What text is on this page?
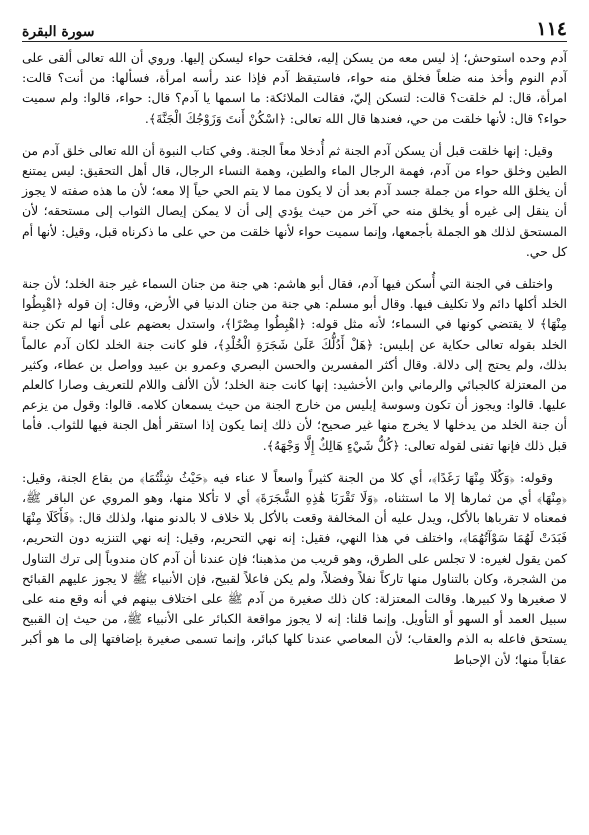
١١٤
سورة البقرة

آدم وحده استوحش؛ إذ ليس معه من يسكن إليه، فخلقت حواء ليسكن إليها. وروي أن الله تعالى ألقى على آدم النوم وأخذ منه ضلعاً فخلق منه حواء، فاستيقظ آدم فإذا عند رأسه امرأة، فسألها: من أنت؟ قالت: امرأة، قال: لم خلقت؟ قالت: لتسكن إليّ، فقالت الملائكة: ما اسمها يا آدم؟ قال: حواء، قالوا: ولم سميت حواء؟ قال: لأنها خلقت من حي، فعندها قال الله تعالى: ﴿اسْكُنْ أَنتَ وَزَوْجُكَ الْجَنَّةَ﴾.

وقيل: إنها خلقت قبل أن يسكن آدم الجنة ثم أُدخلا معاً الجنة. وفي كتاب النبوة أن الله تعالى خلق آدم من الطين وخلق حواء من آدم، فهمة الرجال الماء والطين، وهمة النساء الرجال، قال أهل التحقيق: ليس يمتنع أن يخلق الله حواء من جملة جسد آدم بعد أن لا يكون مما لا يتم الحي حياً إلا معه؛ لأن ما هذه صفته لا يجوز أن ينقل إلى غيره أو يخلق منه حي آخر من حيث يؤدي إلى أن لا يمكن إيصال الثواب إلى مستحقه؛ لأن المستحق لذلك هو الجملة بأجمعها، وإنما سميت حواء لأنها خلقت من حي على ما ذكرناه قبل، وقيل: لأنها أم كل حي.

واختلف في الجنة التي أُسكن فيها آدم، فقال أبو هاشم: هي جنة من جنان السماء غير جنة الخلد؛ لأن جنة الخلد أكلها دائم ولا تكليف فيها. وقال أبو مسلم: هي جنة من جنان الدنيا في الأرض، وقال: إن قوله ﴿اهْبِطُوا مِنْهَا﴾ لا يقتضي كونها في السماء؛ لأنه مثل قوله: ﴿اهْبِطُوا مِصْرًا﴾، واستدل بعضهم على أنها لم تكن جنة الخلد بقوله تعالى حكاية عن إبليس: ﴿هَلْ أَدُلُّكَ عَلَىٰ شَجَرَةِ الْخُلْدِ﴾، فلو كانت جنة الخلد لكان آدم عالماً بذلك، ولم يحتج إلى دلالة. وقال أكثر المفسرين والحسن البصري وعمرو بن عبيد وواصل بن عطاء، وكثير من المعتزلة كالجبائي والرماني وابن الأخشيد: إنها كانت جنة الخلد؛ لأن الألف واللام للتعريف وصارا كالعلم عليها. قالوا: ويجوز أن تكون وسوسة إبليس من خارج الجنة من حيث يسمعان كلامه. قالوا: وقول من يزعم أن جنة الخلد من يدخلها لا يخرج منها غير صحيح؛ لأن ذلك إنما يكون إذا استقر أهل الجنة فيها للثواب. فأما قبل ذلك فإنها تفنى لقوله تعالى: ﴿كُلُّ شَيْءٍ هَالِكٌ إِلَّا وَجْهَهُ﴾.

وقوله: ﴿وَكُلَا مِنْهَا رَغَدًا﴾، أي كلا من الجنة كثيراً واسعاً لا عناء فيه ﴿حَيْثُ شِئْتُمَا﴾ من بقاع الجنة، وقيل: ﴿مِنْهَا﴾ أي من ثمارها إلا ما استثناه، ﴿وَلَا تَقْرَبَا هَٰذِهِ الشَّجَرَةَ﴾ أي لا تأكلا منها، وهو المروي عن الباقر ﷺ، فمعناه لا تقرباها بالأكل، ويدل عليه أن المخالفة وقعت بالأكل بلا خلاف لا بالدنو منها، ولذلك قال: ﴿فَأَكَلَا مِنْهَا فَبَدَتْ لَهُمَا سَوْآتُهُمَا﴾، واختلف في هذا النهي، فقيل: إنه نهي التحريم، وقيل: إنه نهي التنزيه دون التحريم، كمن يقول لغيره: لا تجلس على الطرق، وهو قريب من مذهبنا؛ فإن عندنا أن آدم كان مندوباً إلى ترك التناول من الشجرة، وكان بالتناول منها تاركاً نفلاً وفضلاً، ولم يكن فاعلاً لقبيح، فإن الأنبياء ﷺ لا يجوز عليهم القبائح لا صغيرها ولا كبيرها. وقالت المعتزلة: كان ذلك صغيرة من آدم ﷺ على اختلاف بينهم في أنه وقع منه على سبيل العمد أو السهو أو التأويل. وإنما قلنا: إنه لا يجوز مواقعة الكبائر على الأنبياء ﷺ، من حيث إن القبيح يستحق فاعله به الذم والعقاب؛ لأن المعاصي عندنا كلها كبائر، وإنما تسمى صغيرة بإضافتها إلى ما هو أكبر عقاباً منها؛ لأن الإحباط
